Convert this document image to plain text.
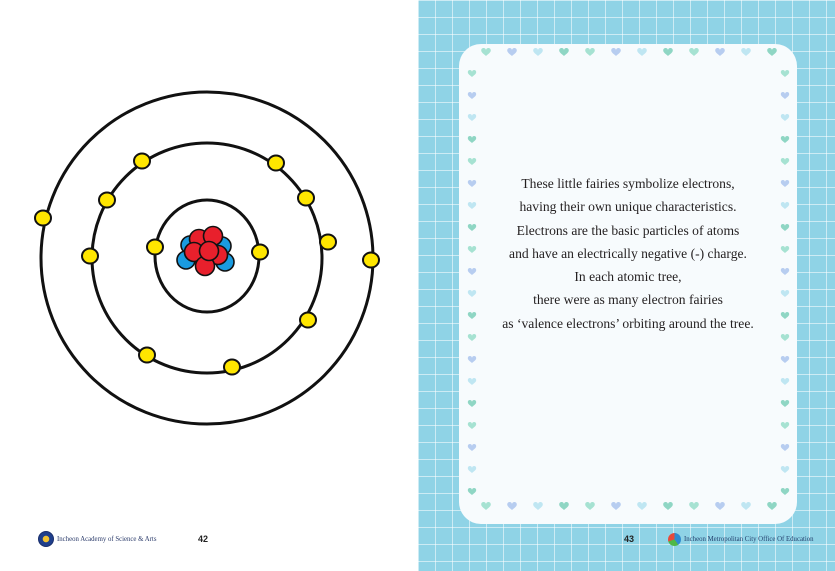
These little fairies symbolize electrons,
having their own unique characteristics.
Electrons are the basic particles of atoms
and have an electrically negative (-) charge.
In each atomic tree,
there were as many electron fairies
as ‘valence electrons’ orbiting around the tree.
Incheon Academy of Science & Arts	42	43	Incheon Metropolitan City Office Of Education
